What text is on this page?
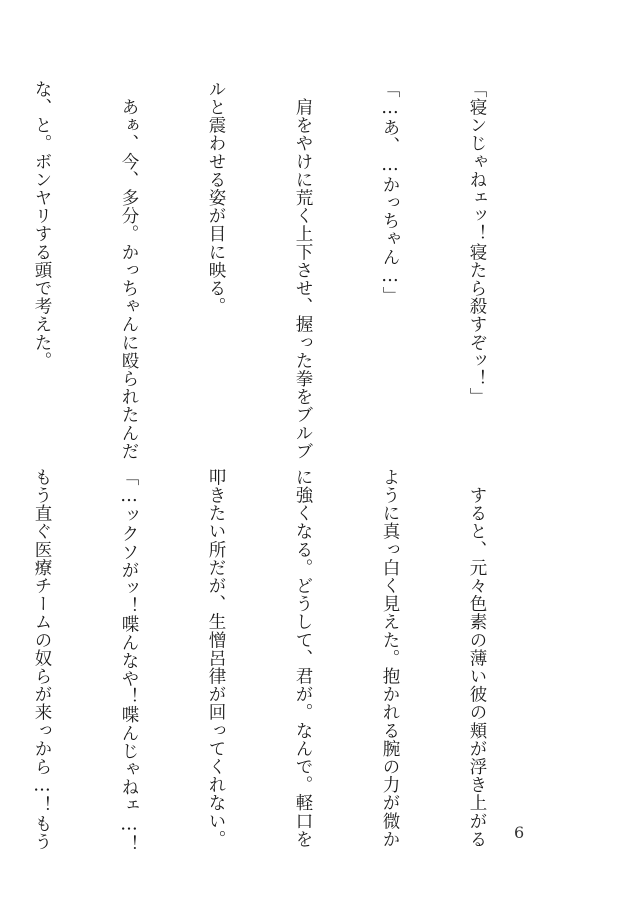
「寝ンじゃねェッ！寝たら殺すぞッ！」

「…あ、…かっちゃん…」

　肩をやけに荒く上下させ、握った拳をブルブ

ルと震わせる姿が目に映る。

　あぁ、今、多分。かっちゃんに殴られたんだ

な、と。ボンヤリする頭で考えた。

　すると、元々色素の薄い彼の頬が浮き上がる

ように真っ白く見えた。抱かれる腕の力が微か

に強くなる。どうして、君が。なんで。軽口を

叩きたい所だが、生憎呂律が回ってくれない。

「…ックソがッ！喋んなや！喋んじゃねェ…！

もう直ぐ医療チームの奴らが来っから…！もう

	6
